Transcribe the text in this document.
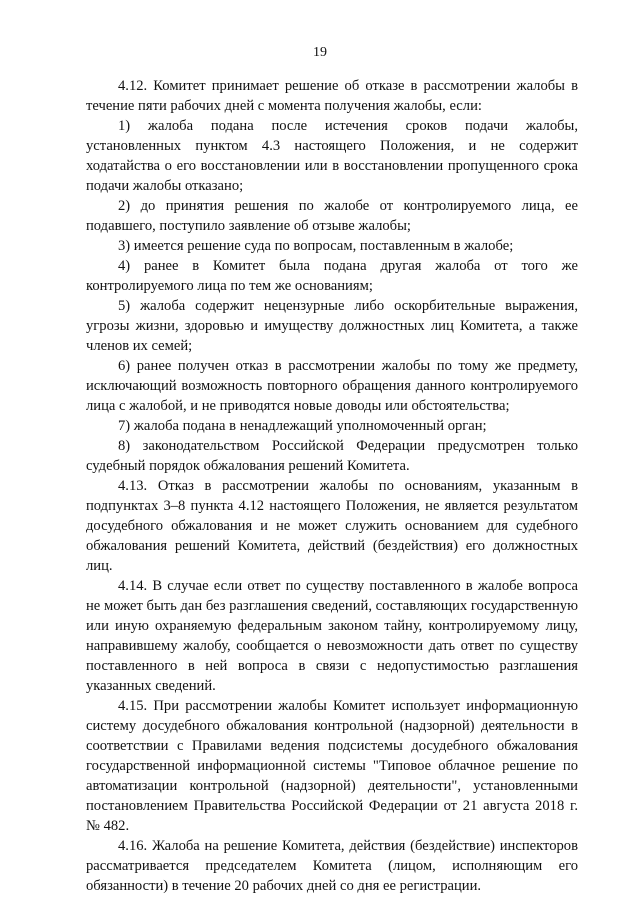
19

4.12. Комитет принимает решение об отказе в рассмотрении жалобы в течение пяти рабочих дней с момента получения жалобы, если:

1) жалоба подана после истечения сроков подачи жалобы, установленных пунктом 4.3 настоящего Положения, и не содержит ходатайства о его восстановлении или в восстановлении пропущенного срока подачи жалобы отказано;

2) до принятия решения по жалобе от контролируемого лица, ее подавшего, поступило заявление об отзыве жалобы;

3) имеется решение суда по вопросам, поставленным в жалобе;

4) ранее в Комитет была подана другая жалоба от того же контролируемого лица по тем же основаниям;

5) жалоба содержит нецензурные либо оскорбительные выражения, угрозы жизни, здоровью и имуществу должностных лиц Комитета, а также членов их семей;

6) ранее получен отказ в рассмотрении жалобы по тому же предмету, исключающий возможность повторного обращения данного контролируемого лица с жалобой, и не приводятся новые доводы или обстоятельства;

7) жалоба подана в ненадлежащий уполномоченный орган;

8) законодательством Российской Федерации предусмотрен только судебный порядок обжалования решений Комитета.

4.13. Отказ в рассмотрении жалобы по основаниям, указанным в подпунктах 3–8 пункта 4.12 настоящего Положения, не является результатом досудебного обжалования и не может служить основанием для судебного обжалования решений Комитета, действий (бездействия) его должностных лиц.

4.14. В случае если ответ по существу поставленного в жалобе вопроса не может быть дан без разглашения сведений, составляющих государственную или иную охраняемую федеральным законом тайну, контролируемому лицу, направившему жалобу, сообщается о невозможности дать ответ по существу поставленного в ней вопроса в связи с недопустимостью разглашения указанных сведений.

4.15. При рассмотрении жалобы Комитет использует информационную систему досудебного обжалования контрольной (надзорной) деятельности в соответствии с Правилами ведения подсистемы досудебного обжалования государственной информационной системы "Типовое облачное решение по автоматизации контрольной (надзорной) деятельности", установленными постановлением Правительства Российской Федерации от 21 августа 2018 г. № 482.

4.16. Жалоба на решение Комитета, действия (бездействие) инспекторов рассматривается председателем Комитета (лицом, исполняющим его обязанности) в течение 20 рабочих дней со дня ее регистрации.
